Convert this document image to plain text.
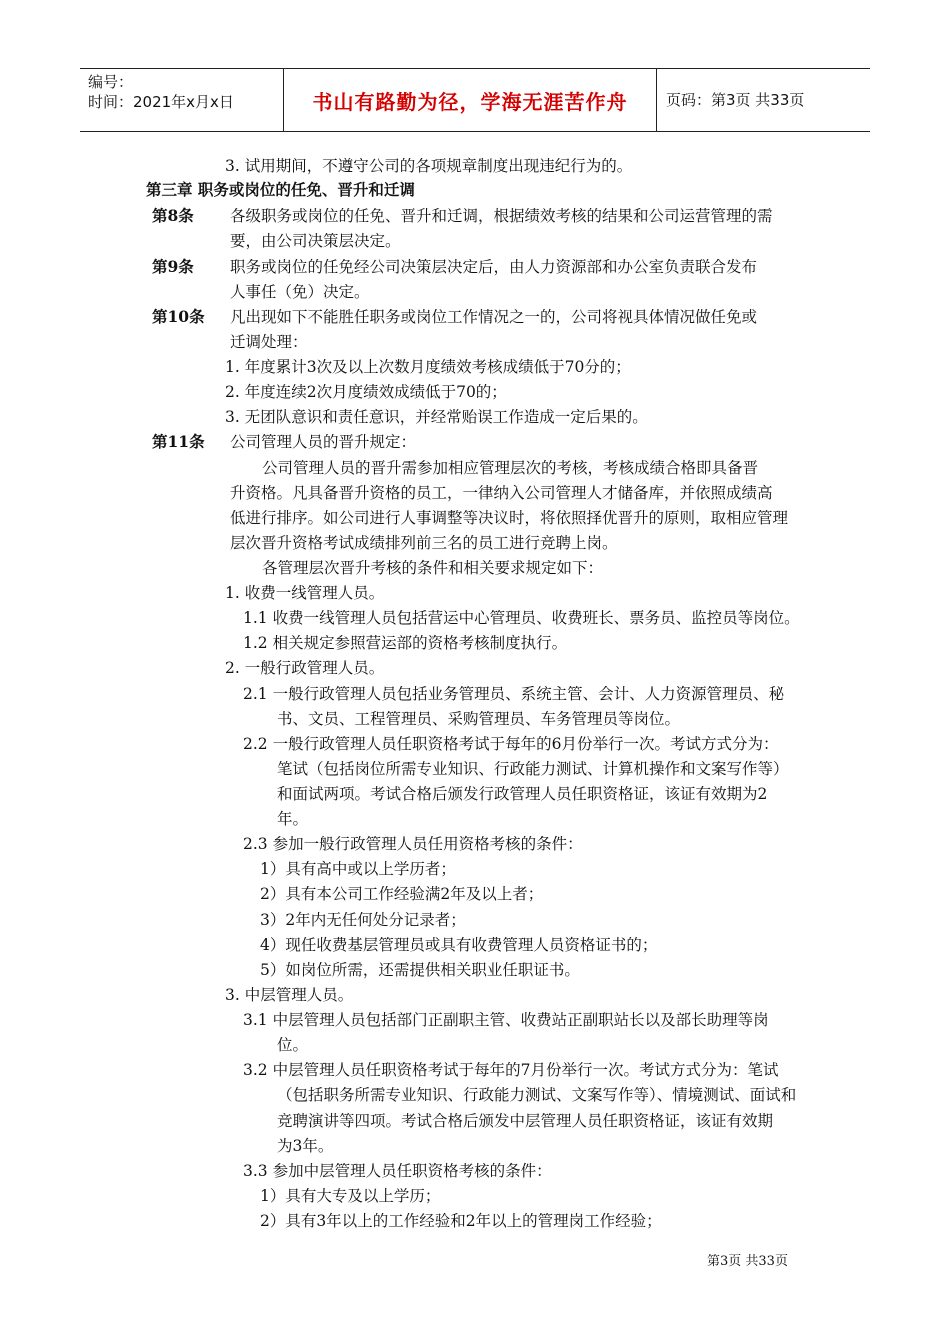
编号：
时间：2021年x月x日	书山有路勤为径，学海无涯苦作舟	页码：第3页 共33页
3. 试用期间，不遵守公司的各项规章制度出现违纪行为的。
第三章 职务或岗位的任免、晋升和迁调
第8条 各级职务或岗位的任免、晋升和迁调，根据绩效考核的结果和公司运营管理的需
要，由公司决策层决定。
第9条 职务或岗位的任免经公司决策层决定后，由人力资源部和办公室负责联合发布
人事任（免）决定。
第10条 凡出现如下不能胜任职务或岗位工作情况之一的，公司将视具体情况做任免或
迁调处理：
1. 年度累计3次及以上次数月度绩效考核成绩低于70分的；
2. 年度连续2次月度绩效成绩低于70的；
3. 无团队意识和责任意识，并经常贻误工作造成一定后果的。
第11条 公司管理人员的晋升规定：
公司管理人员的晋升需参加相应管理层次的考核，考核成绩合格即具备晋
升资格。凡具备晋升资格的员工，一律纳入公司管理人才储备库，并依照成绩高
低进行排序。如公司进行人事调整等决议时，将依照择优晋升的原则，取相应管理
层次晋升资格考试成绩排列前三名的员工进行竞聘上岗。
各管理层次晋升考核的条件和相关要求规定如下：
1. 收费一线管理人员。
1.1 收费一线管理人员包括营运中心管理员、收费班长、票务员、监控员等岗位。
1.2 相关规定参照营运部的资格考核制度执行。
2. 一般行政管理人员。
2.1 一般行政管理人员包括业务管理员、系统主管、会计、人力资源管理员、秘
书、文员、工程管理员、采购管理员、车务管理员等岗位。
2.2 一般行政管理人员任职资格考试于每年的6月份举行一次。考试方式分为：
笔试（包括岗位所需专业知识、行政能力测试、计算机操作和文案写作等）
和面试两项。考试合格后颁发行政管理人员任职资格证，该证有效期为2
年。
2.3 参加一般行政管理人员任用资格考核的条件：
1）具有高中或以上学历者；
2）具有本公司工作经验满2年及以上者；
3）2年内无任何处分记录者；
4）现任收费基层管理员或具有收费管理人员资格证书的；
5）如岗位所需，还需提供相关职业任职证书。
3. 中层管理人员。
3.1 中层管理人员包括部门正副职主管、收费站正副职站长以及部长助理等岗
位。
3.2 中层管理人员任职资格考试于每年的7月份举行一次。考试方式分为：笔试
（包括职务所需专业知识、行政能力测试、文案写作等）、情境测试、面试和
竞聘演讲等四项。考试合格后颁发中层管理人员任职资格证，该证有效期
为3年。
3.3 参加中层管理人员任职资格考核的条件：
1）具有大专及以上学历；
2）具有3年以上的工作经验和2年以上的管理岗工作经验；
第3页 共33页
